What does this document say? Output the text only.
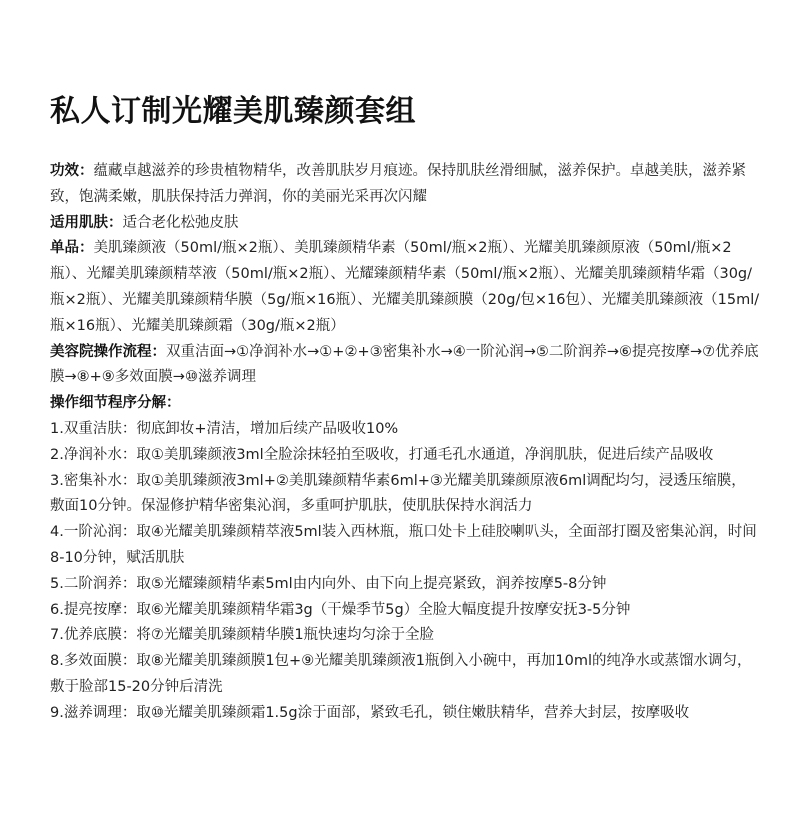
私人订制光耀美肌臻颜套组

功效：蕴藏卓越滋养的珍贵植物精华，改善肌肤岁月痕迹。保持肌肤丝滑细腻，滋养保护。卓越美肤，滋养紧致，饱满柔嫩，肌肤保持活力弹润，你的美丽光采再次闪耀

适用肌肤：适合老化松弛皮肤

单品：美肌臻颜液（50ml/瓶×2瓶）、美肌臻颜精华素（50ml/瓶×2瓶）、光耀美肌臻颜原液（50ml/瓶×2瓶）、光耀美肌臻颜精萃液（50ml/瓶×2瓶）、光耀臻颜精华素（50ml/瓶×2瓶）、光耀美肌臻颜精华霜（30g/瓶×2瓶）、光耀美肌臻颜精华膜（5g/瓶×16瓶）、光耀美肌臻颜膜（20g/包×16包）、光耀美肌臻颜液（15ml/瓶×16瓶）、光耀美肌臻颜霜（30g/瓶×2瓶）

美容院操作流程：双重洁面→①净润补水→①+②+③密集补水→④一阶沁润→⑤二阶润养→⑥提亮按摩→⑦优养底膜→⑧+⑨多效面膜→⑩滋养调理

操作细节程序分解：

1.双重洁肤：彻底卸妆+清洁，增加后续产品吸收10%

2.净润补水：取①美肌臻颜液3ml全脸涂抹轻拍至吸收，打通毛孔水通道，净润肌肤，促进后续产品吸收

3.密集补水：取①美肌臻颜液3ml+②美肌臻颜精华素6ml+③光耀美肌臻颜原液6ml调配均匀，浸透压缩膜，敷面10分钟。保湿修护精华密集沁润，多重呵护肌肤，使肌肤保持水润活力

4.一阶沁润：取④光耀美肌臻颜精萃液5ml装入西林瓶，瓶口处卡上硅胶喇叭头，全面部打圈及密集沁润，时间8-10分钟，赋活肌肤

5.二阶润养：取⑤光耀臻颜精华素5ml由内向外、由下向上提亮紧致，润养按摩5-8分钟

6.提亮按摩：取⑥光耀美肌臻颜精华霜3g（干燥季节5g）全脸大幅度提升按摩安抚3-5分钟

7.优养底膜：将⑦光耀美肌臻颜精华膜1瓶快速均匀涂于全脸

8.多效面膜：取⑧光耀美肌臻颜膜1包+⑨光耀美肌臻颜液1瓶倒入小碗中，再加10ml的纯净水或蒸馏水调匀，敷于脸部15-20分钟后清洗

9.滋养调理：取⑩光耀美肌臻颜霜1.5g涂于面部，紧致毛孔，锁住嫩肤精华，营养大封层，按摩吸收
